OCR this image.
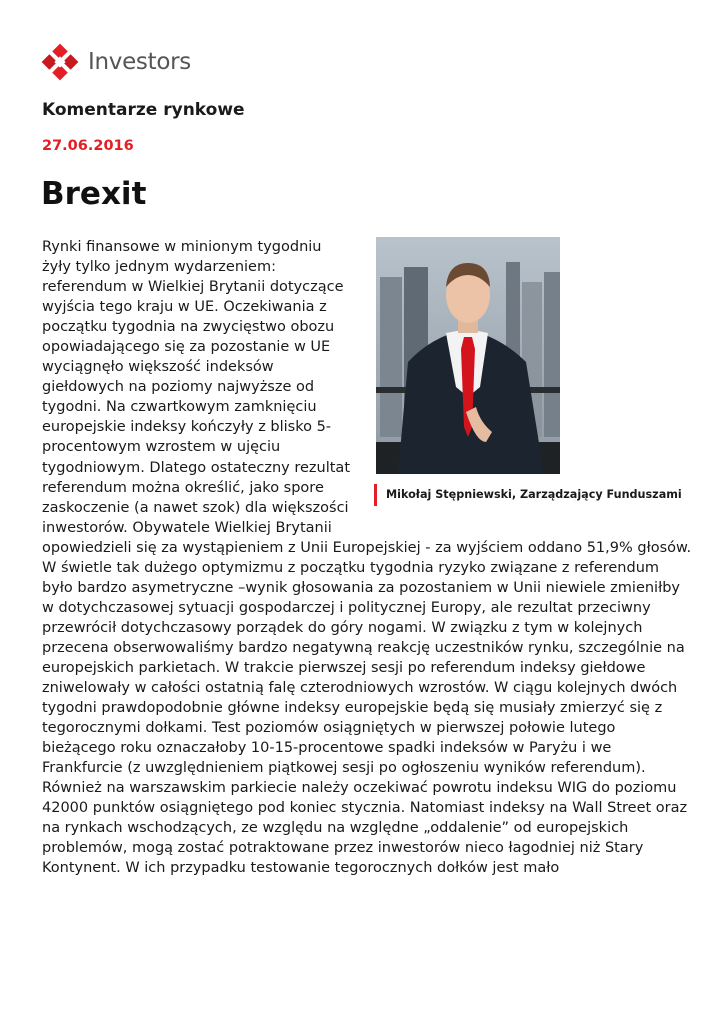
Investors
Komentarze rynkowe
27.06.2016
Brexit
Mikołaj Stępniewski, Zarządzający Funduszami

Rynki finansowe w minionym tygodniu żyły tylko jednym wydarzeniem: referendum w Wielkiej Brytanii dotyczące wyjścia tego kraju w UE. Oczekiwania z początku tygodnia na zwycięstwo obozu opowiadającego się za pozostanie w UE wyciągnęło większość indeksów giełdowych na poziomy najwyższe od tygodni. Na czwartkowym zamknięciu europejskie indeksy kończyły z blisko 5-procentowym wzrostem w ujęciu tygodniowym. Dlatego ostateczny rezultat referendum można określić, jako spore zaskoczenie (a nawet szok) dla większości inwestorów. Obywatele Wielkiej Brytanii opowiedzieli się za wystąpieniem z Unii Europejskiej - za wyjściem oddano 51,9% głosów. W świetle tak dużego optymizmu z początku tygodnia ryzyko związane z referendum było bardzo asymetryczne –wynik głosowania za pozostaniem w Unii niewiele zmieniłby w dotychczasowej sytuacji gospodarczej i politycznej Europy, ale rezultat przeciwny przewrócił dotychczasowy porządek do góry nogami. W związku z tym w kolejnych przecena obserwowaliśmy bardzo negatywną reakcję uczestników rynku, szczególnie na europejskich parkietach. W trakcie pierwszej sesji po referendum indeksy giełdowe zniwelowały w całości ostatnią falę czterodniowych wzrostów. W ciągu kolejnych dwóch tygodni prawdopodobnie główne indeksy europejskie będą się musiały zmierzyć się z tegorocznymi dołkami. Test poziomów osiągniętych w pierwszej połowie lutego bieżącego roku oznaczałoby 10-15-procentowe spadki indeksów w Paryżu i we Frankfurcie (z uwzględnieniem piątkowej sesji po ogłoszeniu wyników referendum). Również na warszawskim parkiecie należy oczekiwać powrotu indeksu WIG do poziomu 42000 punktów osiągniętego pod koniec stycznia. Natomiast indeksy na Wall Street oraz na rynkach wschodzących, ze względu na względne „oddalenie” od europejskich problemów, mogą zostać potraktowane przez inwestorów nieco łagodniej niż Stary Kontynent. W ich przypadku testowanie tegorocznych dołków jest mało
